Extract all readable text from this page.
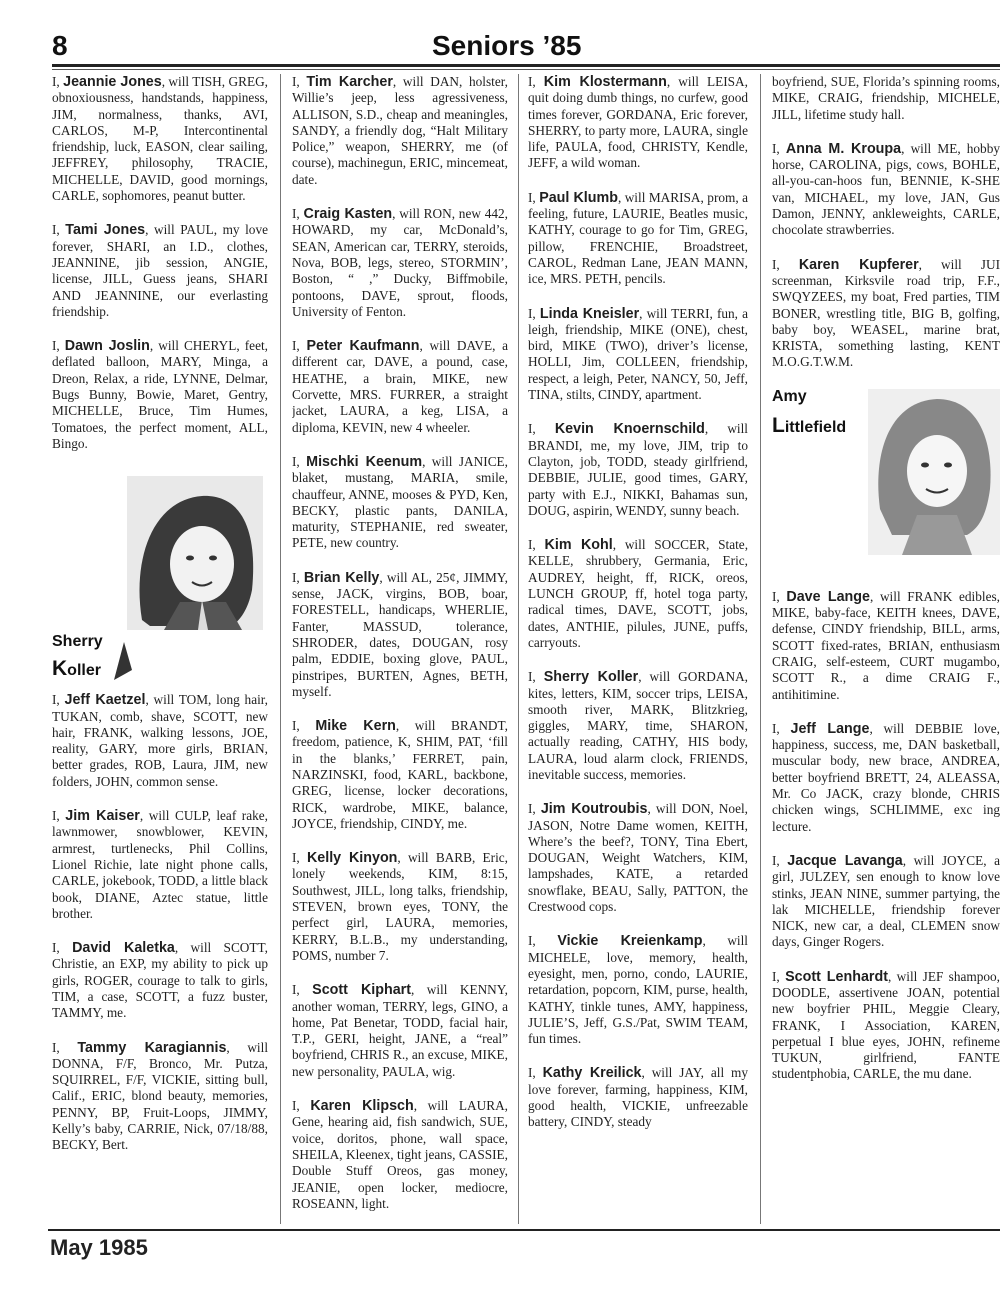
8	Seniors ’85

I, Jeannie Jones, will TISH, GREG, obnoxiousness, handstands, happiness, JIM, normalness, thanks, AVI, CARLOS, M-P, Intercontinental friendship, luck, EASON, clear sailing, JEFFREY, philosophy, TRACIE, MICHELLE, DAVID, good mornings, CARLE, sophomores, peanut butter.

I, Tami Jones, will PAUL, my love forever, SHARI, an I.D., clothes, JEANNINE, jib session, ANGIE, license, JILL, Guess jeans, SHARI AND JEANNINE, our everlasting friendship.

I, Dawn Joslin, will CHERYL, feet, deflated balloon, MARY, Minga, a Dreon, Relax, a ride, LYNNE, Delmar, Bugs Bunny, Bowie, Maret, Gentry, MICHELLE, Bruce, Tim Humes, Tomatoes, the perfect moment, ALL, Bingo.

Sherry
Koller

I, Jeff Kaetzel, will TOM, long hair, TUKAN, comb, shave, SCOTT, new hair, FRANK, walking lessons, JOE, reality, GARY, more girls, BRIAN, better grades, ROB, Laura, JIM, new folders, JOHN, common sense.

I, Jim Kaiser, will CULP, leaf rake, lawnmower, snowblower, KEVIN, armrest, turtlenecks, Phil Collins, Lionel Richie, late night phone calls, CARLE, jokebook, TODD, a little black book, DIANE, Aztec statue, little brother.

I, David Kaletka, will SCOTT, Christie, an EXP, my ability to pick up girls, ROGER, courage to talk to girls, TIM, a case, SCOTT, a fuzz buster, TAMMY, me.

I, Tammy Karagiannis, will DONNA, F/F, Bronco, Mr. Putza, SQUIRREL, F/F, VICKIE, sitting bull, Calif., ERIC, blond beauty, memories, PENNY, BP, Fruit-Loops, JIMMY, Kelly’s baby, CARRIE, Nick, 07/18/88, BECKY, Bert.

I, Tim Karcher, will DAN, holster, Willie’s jeep, less agressiveness, ALLISON, S.D., cheap and meaningles, SANDY, a friendly dog, “Halt Military Police,” weapon, SHERRY, me (of course), machinegun, ERIC, mincemeat, date.

I, Craig Kasten, will RON, new 442, HOWARD, my car, McDonald’s, SEAN, American car, TERRY, steroids, Nova, BOB, legs, stereo, STORMIN’, Boston, “ ,” Ducky, Biffmobile, pontoons, DAVE, sprout, floods, University of Fenton.

I, Peter Kaufmann, will DAVE, a different car, DAVE, a pound, case, HEATHE, a brain, MIKE, new Corvette, MRS. FURRER, a straight jacket, LAURA, a keg, LISA, a diploma, KEVIN, new 4 wheeler.

I, Mischki Keenum, will JANICE, blaket, mustang, MARIA, smile, chauffeur, ANNE, mooses & PYD, Ken, BECKY, plastic pants, DANILA, maturity, STEPHANIE, red sweater, PETE, new country.

I, Brian Kelly, will AL, 25¢, JIMMY, sense, JACK, virgins, BOB, boar, FORESTELL, handicaps, WHERLIE, Fanter, MASSUD, tolerance, SHRODER, dates, DOUGAN, rosy palm, EDDIE, boxing glove, PAUL, pinstripes, BURTEN, Agnes, BETH, myself.

I, Mike Kern, will BRANDT, freedom, patience, K, SHIM, PAT, ‘fill in the blanks,’ FERRET, pain, NARZINSKI, food, KARL, backbone, GREG, license, locker decorations, RICK, wardrobe, MIKE, balance, JOYCE, friendship, CINDY, me.

I, Kelly Kinyon, will BARB, Eric, lonely weekends, KIM, 8:15, Southwest, JILL, long talks, friendship, STEVEN, brown eyes, TONY, the perfect girl, LAURA, memories, KERRY, B.L.B., my understanding, POMS, number 7.

I, Scott Kiphart, will KENNY, another woman, TERRY, legs, GINO, a home, Pat Benetar, TODD, facial hair, T.P., GERI, height, JANE, a “real” boyfriend, CHRIS R., an excuse, MIKE, new personality, PAULA, wig.

I, Karen Klipsch, will LAURA, Gene, hearing aid, fish sandwich, SUE, voice, doritos, phone, wall space, SHEILA, Kleenex, tight jeans, CASSIE, Double Stuff Oreos, gas money, JEANIE, open locker, mediocre, ROSEANN, light.

I, Kim Klostermann, will LEISA, quit doing dumb things, no curfew, good times forever, GORDANA, Eric forever, SHERRY, to party more, LAURA, single life, PAULA, food, CHRISTY, Kendle, JEFF, a wild woman.

I, Paul Klumb, will MARISA, prom, a feeling, future, LAURIE, Beatles music, KATHY, courage to go for Tim, GREG, pillow, FRENCHIE, Broadstreet, CAROL, Redman Lane, JEAN MANN, ice, MRS. PETH, pencils.

I, Linda Kneisler, will TERRI, fun, a leigh, friendship, MIKE (ONE), chest, bird, MIKE (TWO), driver’s license, HOLLI, Jim, COLLEEN, friendship, respect, a leigh, Peter, NANCY, 50, Jeff, TINA, stilts, CINDY, apartment.

I, Kevin Knoernschild, will BRANDI, me, my love, JIM, trip to Clayton, job, TODD, steady girlfriend, DEBBIE, JULIE, good times, GARY, party with E.J., NIKKI, Bahamas sun, DOUG, aspirin, WENDY, sunny beach.

I, Kim Kohl, will SOCCER, State, KELLE, shrubbery, Germania, Eric, AUDREY, height, ff, RICK, oreos, LUNCH GROUP, ff, hotel toga party, radical times, DAVE, SCOTT, jobs, dates, ANTHIE, pilules, JUNE, puffs, carryouts.

I, Sherry Koller, will GORDANA, kites, letters, KIM, soccer trips, LEISA, smooth river, MARK, Blitzkrieg, giggles, MARY, time, SHARON, actually reading, CATHY, HIS body, LAURA, loud alarm clock, FRIENDS, inevitable success, memories.

I, Jim Koutroubis, will DON, Noel, JASON, Notre Dame women, KEITH, Where’s the beef?, TONY, Tina Ebert, DOUGAN, Weight Watchers, KIM, lampshades, KATE, a retarded snowflake, BEAU, Sally, PATTON, the Crestwood cops.

I, Vickie Kreienkamp, will MICHELE, love, memory, health, eyesight, men, porno, condo, LAURIE, retardation, popcorn, KIM, purse, health, KATHY, tinkle tunes, AMY, happiness, JULIE’S, Jeff, G.S./Pat, SWIM TEAM, fun times.

I, Kathy Kreilick, will JAY, all my love forever, farming, happiness, KIM, good health, VICKIE, unfreezable battery, CINDY, steady

boyfriend, SUE, Florida’s spinning rooms, MIKE, CRAIG, friendship, MICHELE, JILL, lifetime study hall.

I, Anna M. Kroupa, will ME, hobby horse, CAROLINA, pigs, cows, BOHLE, all-you-can-hoos fun, BENNIE, K-SHE van, MICHAEL, my love, JAN, Gus Damon, JENNY, ankleweights, CARLE, chocolate strawberries.

I, Karen Kupferer, will JUI screenman, Kirksvile road trip, F.F., SWQYZEES, my boat, Fred parties, TIM BONER, wrestling title, BIG B, golfing, baby boy, WEASEL, marine brat, KRISTA, something lasting, KENT M.O.G.T.W.M.

Amy
Littlefield

I, Dave Lange, will FRANK edibles, MIKE, baby-face, KEITH knees, DAVE, defense, CINDY friendship, BILL, arms, SCOTT fixed-rates, BRIAN, enthusiasm CRAIG, self-esteem, CURT mugambo, SCOTT R., a dime CRAIG F., antihitimine.

I, Jeff Lange, will DEBBIE love, happiness, success, me, DAN basketball, muscular body, new brace, ANDREA, better boyfriend BRETT, 24, ALEASSA, Mr. Co JACK, crazy blonde, CHRIS chicken wings, SCHLIMME, exc ing lecture.

I, Jacque Lavanga, will JOYCE, a girl, JULZEY, sen enough to know love stinks, JEAN NINE, summer partying, the lak MICHELLE, friendship forever NICK, new car, a deal, CLEMEN snow days, Ginger Rogers.

I, Scott Lenhardt, will JEF shampoo, DOODLE, assertivene JOAN, potential new boyfrier PHIL, Meggie Cleary, FRANK, I Association, KAREN, perpetual I blue eyes, JOHN, refineme TUKUN, girlfriend, FANTE studentphobia, CARLE, the mu dane.

May 1985
